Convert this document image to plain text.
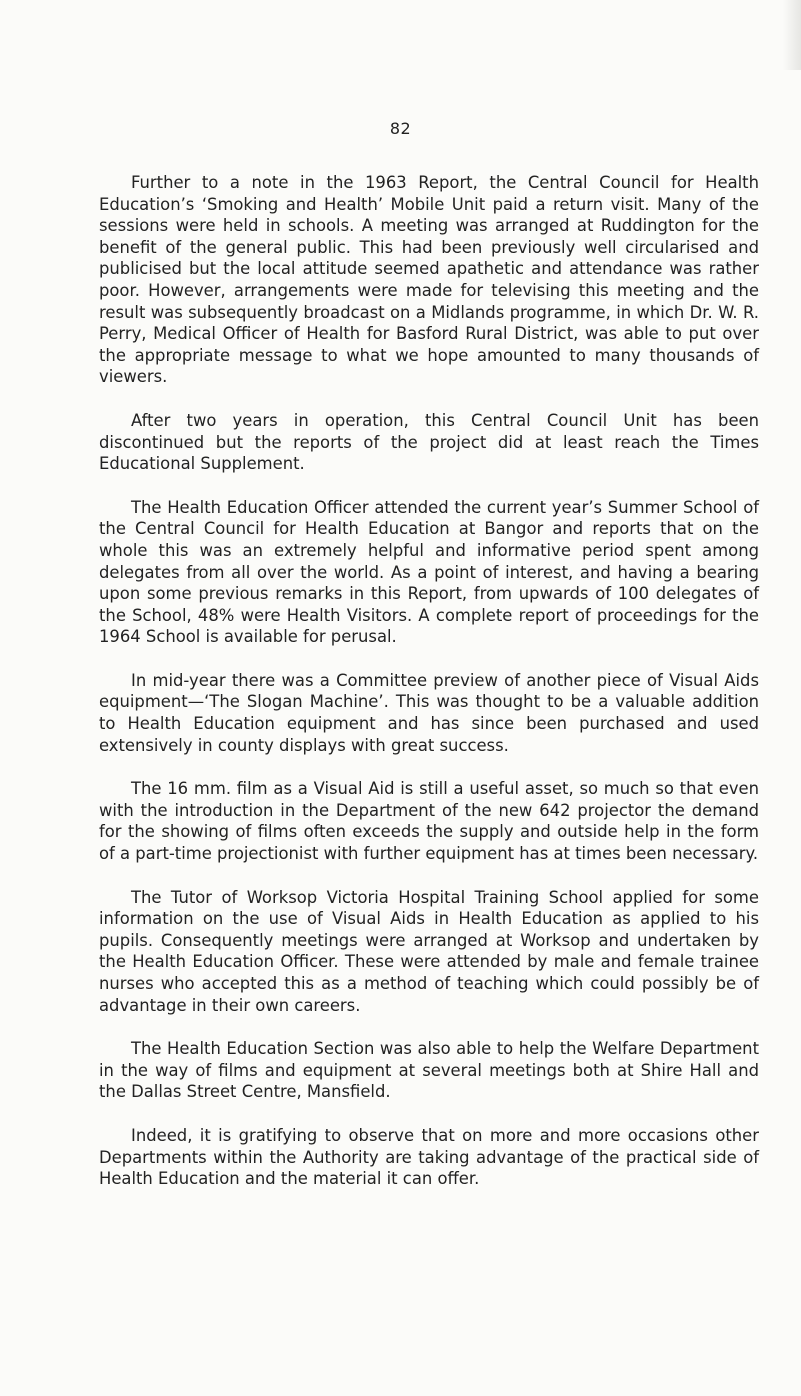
82

Further to a note in the 1963 Report, the Central Council for Health Education’s ‘Smoking and Health’ Mobile Unit paid a return visit. Many of the sessions were held in schools. A meeting was arranged at Ruddington for the benefit of the general public. This had been previously well circularised and publicised but the local attitude seemed apathetic and attendance was rather poor. However, arrangements were made for televising this meeting and the result was subsequently broadcast on a Midlands programme, in which Dr. W. R. Perry, Medical Officer of Health for Basford Rural District, was able to put over the appropriate message to what we hope amounted to many thousands of viewers.

After two years in operation, this Central Council Unit has been discontinued but the reports of the project did at least reach the Times Educational Supplement.

The Health Education Officer attended the current year’s Summer School of the Central Council for Health Education at Bangor and reports that on the whole this was an extremely helpful and informative period spent among delegates from all over the world. As a point of interest, and having a bearing upon some previous remarks in this Report, from upwards of 100 delegates of the School, 48% were Health Visitors. A complete report of proceedings for the 1964 School is available for perusal.

In mid-year there was a Committee preview of another piece of Visual Aids equipment—‘The Slogan Machine’. This was thought to be a valuable addition to Health Education equipment and has since been purchased and used extensively in county displays with great success.

The 16 mm. film as a Visual Aid is still a useful asset, so much so that even with the introduction in the Department of the new 642 projector the demand for the showing of films often exceeds the supply and outside help in the form of a part-time projectionist with further equipment has at times been necessary.

The Tutor of Worksop Victoria Hospital Training School applied for some information on the use of Visual Aids in Health Education as applied to his pupils. Consequently meetings were arranged at Worksop and undertaken by the Health Education Officer. These were attended by male and female trainee nurses who accepted this as a method of teaching which could possibly be of advantage in their own careers.

The Health Education Section was also able to help the Welfare Department in the way of films and equipment at several meetings both at Shire Hall and the Dallas Street Centre, Mansfield.

Indeed, it is gratifying to observe that on more and more occasions other Departments within the Authority are taking advantage of the practical side of Health Education and the material it can offer.
